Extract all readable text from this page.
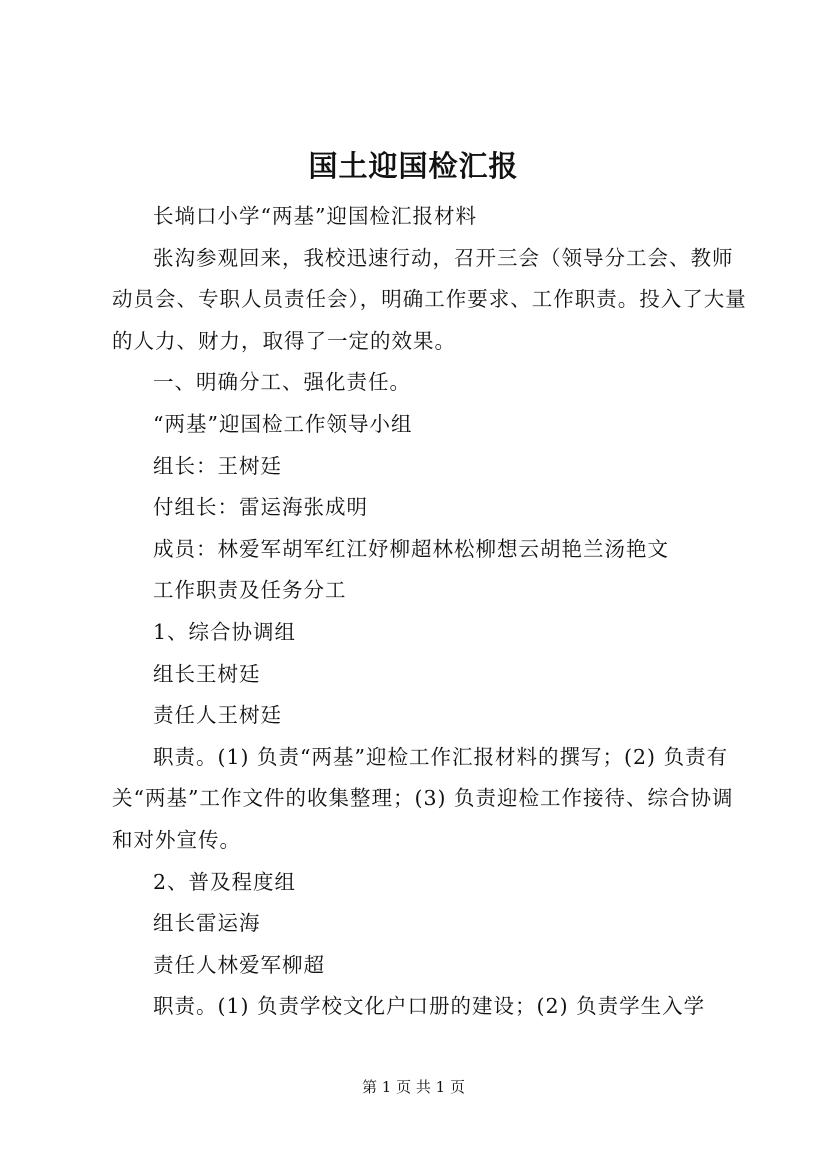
国土迎国检汇报

长埫口小学“两基”迎国检汇报材料

张沟参观回来，我校迅速行动，召开三会（领导分工会、教师动员会、专职人员责任会），明确工作要求、工作职责。投入了大量的人力、财力，取得了一定的效果。

一、明确分工、强化责任。

“两基”迎国检工作领导小组

组长：王树廷

付组长：雷运海张成明

成员：林爱军胡军红江妤柳超林松柳想云胡艳兰汤艳文

工作职责及任务分工

1、综合协调组

组长王树廷

责任人王树廷

职责。(1) 负责“两基”迎检工作汇报材料的撰写；(2) 负责有关“两基”工作文件的收集整理；(3) 负责迎检工作接待、综合协调和对外宣传。

2、普及程度组

组长雷运海

责任人林爱军柳超

职责。(1) 负责学校文化户口册的建设；(2) 负责学生入学

第 1 页 共 1 页
